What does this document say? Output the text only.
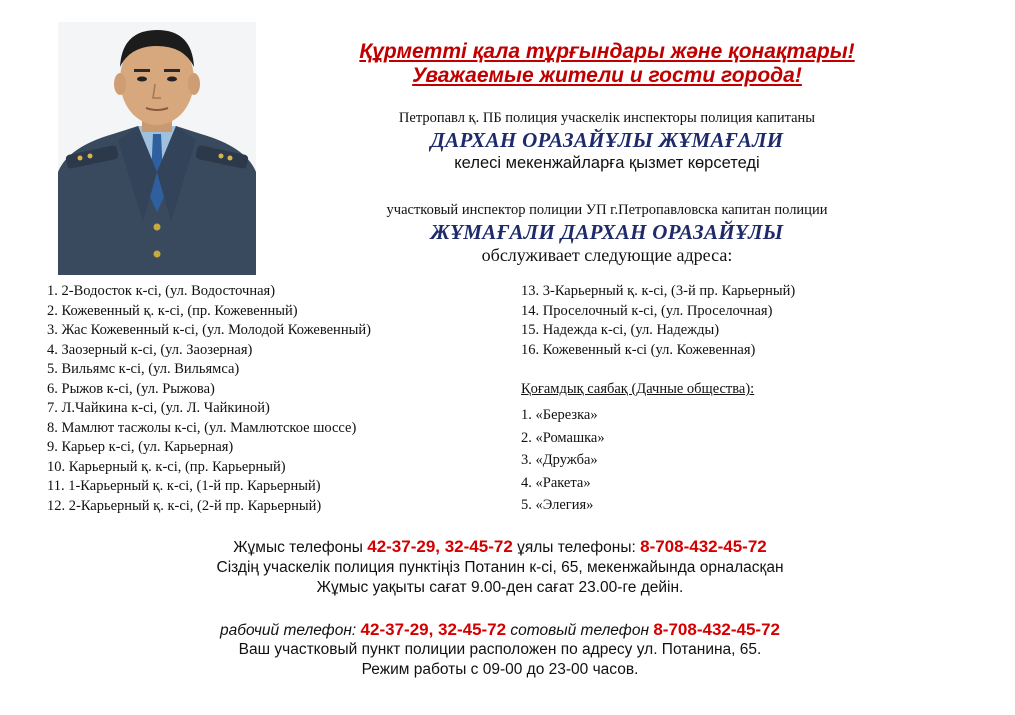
Құрметті қала тұрғындары және қонақтары!
Уважаемые жители и гости города!
Петропавл қ. ПБ полиция учаскелік инспекторы полиция капитаны
ДАРХАН ОРАЗАЙҰЛЫ ЖҰМАҒАЛИ
келесі мекенжайларға қызмет көрсетеді
участковый инспектор полиции УП г.Петропавловска капитан полиции
ЖҰМАҒАЛИ ДАРХАН ОРАЗАЙҰЛЫ
обслуживает следующие адреса:
1. 2-Водосток к-сі, (ул. Водосточная)
2. Кожевенный қ. к-сі, (пр. Кожевенный)
3. Жас Кожевенный к-сі, (ул. Молодой Кожевенный)
4. Заозерный к-сі, (ул. Заозерная)
5. Вильямс к-сі, (ул. Вильямса)
6. Рыжов к-сі, (ул. Рыжова)
7. Л.Чайкина к-сі, (ул. Л. Чайкиной)
8. Мамлют тасжолы к-сі, (ул. Мамлютское шоссе)
9. Карьер к-сі, (ул. Карьерная)
10. Карьерный қ. к-сі, (пр. Карьерный)
11. 1-Карьерный қ. к-сі, (1-й пр. Карьерный)
12. 2-Карьерный қ. к-сі, (2-й пр. Карьерный)
13. 3-Карьерный қ. к-сі, (3-й пр. Карьерный)
14. Проселочный к-сі, (ул. Проселочная)
15. Надежда к-сі, (ул. Надежды)
16. Кожевенный к-сі (ул. Кожевенная)
Қоғамдық саябақ (Дачные общества):
1. «Березка»
2. «Ромашка»
3. «Дружба»
4. «Ракета»
5. «Элегия»
Жұмыс телефоны 42-37-29, 32-45-72 ұялы телефоны: 8-708-432-45-72
Сіздің учаскелік полиция пунктіңіз Потанин к-сі, 65, мекенжайында орналасқан
Жұмыс уақыты сағат 9.00-ден сағат 23.00-ге дейін.
рабочий телефон: 42-37-29, 32-45-72 сотовый телефон 8-708-432-45-72
Ваш участковый пункт полиции расположен по адресу ул. Потанина, 65.
Режим работы с 09-00 до 23-00 часов.
